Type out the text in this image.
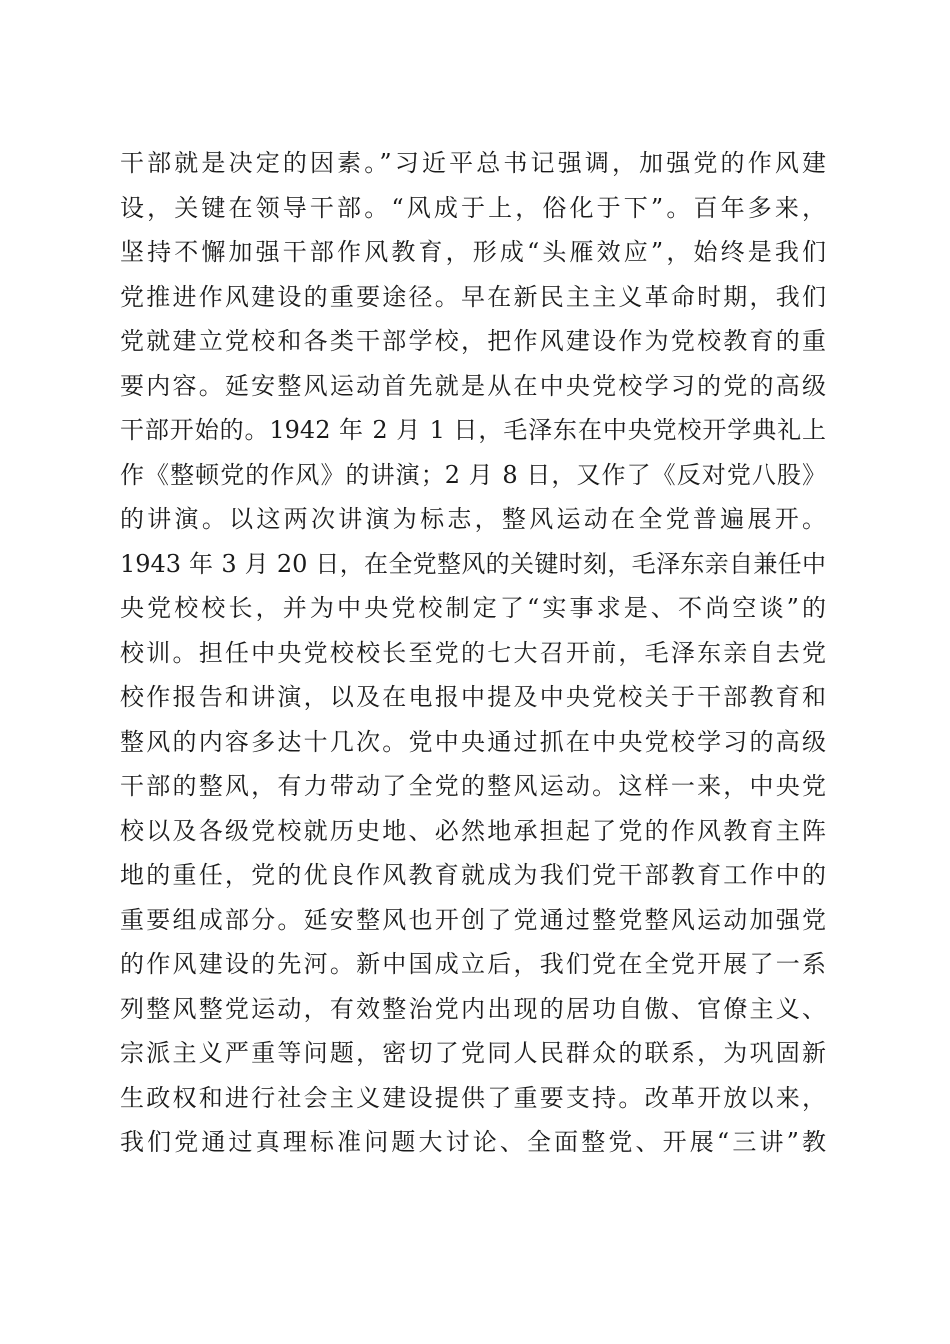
干部就是决定的因素。”习近平总书记强调，加强党的作风建
设，关键在领导干部。“风成于上，俗化于下”。百年多来，
坚持不懈加强干部作风教育，形成“头雁效应”，始终是我们
党推进作风建设的重要途径。早在新民主主义革命时期，我们
党就建立党校和各类干部学校，把作风建设作为党校教育的重
要内容。延安整风运动首先就是从在中央党校学习的党的高级
干部开始的。1942 年 2 月 1 日，毛泽东在中央党校开学典礼上
作《整顿党的作风》的讲演；2 月 8 日，又作了《反对党八股》
的讲演。以这两次讲演为标志，整风运动在全党普遍展开。
1943 年 3 月 20 日，在全党整风的关键时刻，毛泽东亲自兼任中
央党校校长，并为中央党校制定了“实事求是、不尚空谈”的
校训。担任中央党校校长至党的七大召开前，毛泽东亲自去党
校作报告和讲演，以及在电报中提及中央党校关于干部教育和
整风的内容多达十几次。党中央通过抓在中央党校学习的高级
干部的整风，有力带动了全党的整风运动。这样一来，中央党
校以及各级党校就历史地、必然地承担起了党的作风教育主阵
地的重任，党的优良作风教育就成为我们党干部教育工作中的
重要组成部分。延安整风也开创了党通过整党整风运动加强党
的作风建设的先河。新中国成立后，我们党在全党开展了一系
列整风整党运动，有效整治党内出现的居功自傲、官僚主义、
宗派主义严重等问题，密切了党同人民群众的联系，为巩固新
生政权和进行社会主义建设提供了重要支持。改革开放以来，
我们党通过真理标准问题大讨论、全面整党、开展“三讲”教
